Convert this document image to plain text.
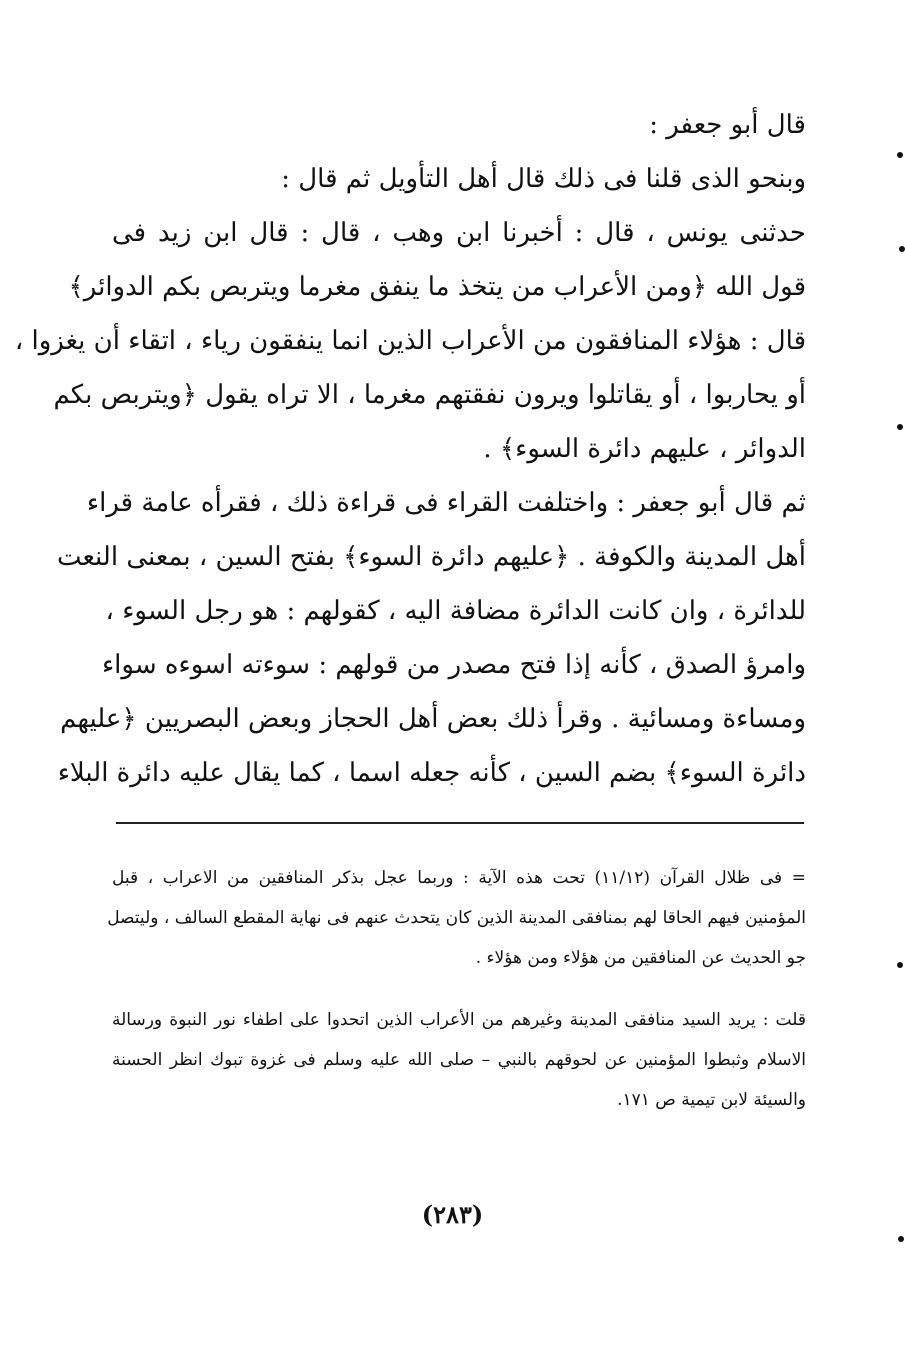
قال أبو جعفر :
وبنحو الذى قلنا فى ذلك قال أهل التأويل ثم قال :
حدثنى يونس ، قال : أخبرنا ابن وهب ، قال : قال ابن زيد فى
قول الله ﴿ومن الأعراب من يتخذ ما ينفق مغرما ويتربص بكم الدوائر﴾
قال : هؤلاء المنافقون من الأعراب الذين انما ينفقون رياء ، اتقاء أن يغزوا ،
أو يحاربوا ، أو يقاتلوا ويرون نفقتهم مغرما ، الا تراه يقول ﴿ويتربص بكم
الدوائر ، عليهم دائرة السوء﴾ .
ثم قال أبو جعفر : واختلفت القراء فى قراءة ذلك ، فقرأه عامة قراء
أهل المدينة والكوفة . ﴿عليهم دائرة السوء﴾ بفتح السين ، بمعنى النعت
للدائرة ، وان كانت الدائرة مضافة اليه ، كقولهم : هو رجل السوء ،
وامرؤ الصدق ، كأنه إذا فتح مصدر من قولهم : سوءته اسوءه سواء
ومساءة ومسائية . وقرأ ذلك بعض أهل الحجاز وبعض البصريين ﴿عليهم
دائرة السوء﴾ بضم السين ، كأنه جعله اسما ، كما يقال عليه دائرة البلاء
= فى ظلال القرآن (١١/١٢) تحت هذه الآية : وربما عجل بذكر المنافقين من الاعراب ، قبل
المؤمنين فيهم الحاقا لهم بمنافقى المدينة الذين كان يتحدث عنهم فى نهاية المقطع السالف ، وليتصل
جو الحديث عن المنافقين من هؤلاء ومن هؤلاء .
قلت : يريد السيد منافقى المدينة وغيرهم من الأعراب الذين اتحدوا على اطفاء نور النبوة ورسالة
الاسلام وثبطوا المؤمنين عن لحوقهم بالنبي – صلى الله عليه وسلم فى غزوة تبوك انظر الحسنة
والسيئة لابن تيمية ص ١٧١.
(٢٨٣)
